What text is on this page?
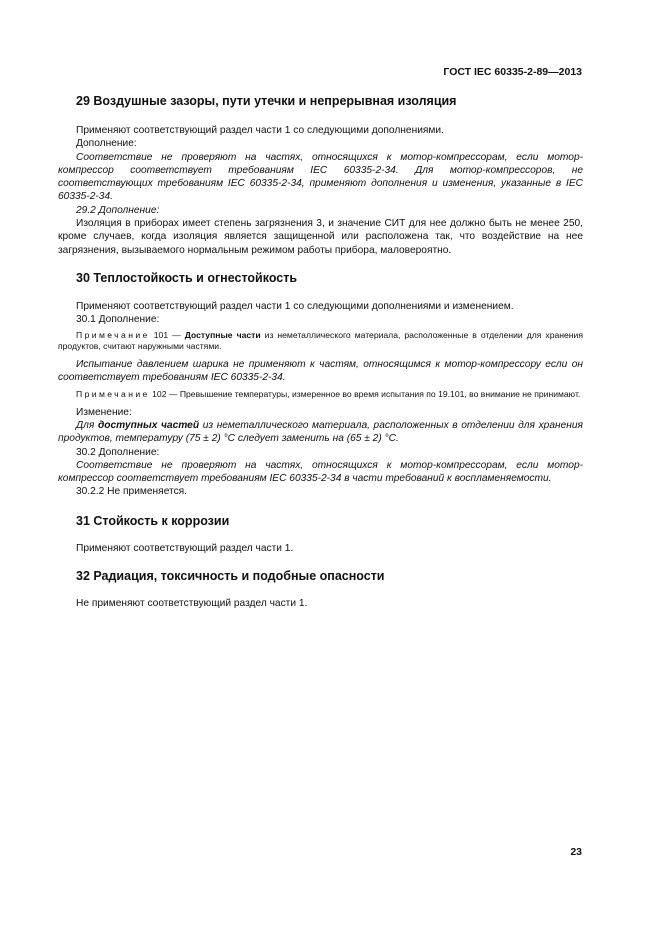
ГОСТ IEC 60335-2-89—2013
29 Воздушные зазоры, пути утечки и непрерывная изоляция

Применяют соответствующий раздел части 1 со следующими дополнениями.

Дополнение:

Соответствие не проверяют на частях, относящихся к мотор-компрессорам, если мотор-компрессор соответствует требованиям IEC 60335-2-34. Для мотор-компрессоров, не соответствующих требованиям IEC 60335-2-34, применяют дополнения и изменения, указанные в IEC 60335-2-34.

29.2 Дополнение:

Изоляция в приборах имеет степень загрязнения 3, и значение СИТ для нее должно быть не менее 250, кроме случаев, когда изоляция является защищенной или расположена так, что воздействие на нее загрязнения, вызываемого нормальным режимом работы прибора, маловероятно.

30 Теплостойкость и огнестойкость

Применяют соответствующий раздел части 1 со следующими дополнениями и изменением.

30.1 Дополнение:

Примечание 101 — Доступные части из неметаллического материала, расположенные в отделении для хранения продуктов, считают наружными частями.

Испытание давлением шарика не применяют к частям, относящимся к мотор-компрессору если он соответствует требованиям IEC 60335-2-34.

Примечание 102 — Превышение температуры, измеренное во время испытания по 19.101, во внимание не принимают.

Изменение:

Для доступных частей из неметаллического материала, расположенных в отделении для хранения продуктов, температуру (75 ± 2) °С следует заменить на (65 ± 2) °С.

30.2 Дополнение:

Соответствие не проверяют на частях, относящихся к мотор-компрессорам, если мотор-компрессор соответствует требованиям IEC 60335-2-34 в части требований к воспламеняемости.

30.2.2 Не применяется.

31 Стойкость к коррозии

Применяют соответствующий раздел части 1.

32 Радиация, токсичность и подобные опасности

Не применяют соответствующий раздел части 1.

23
